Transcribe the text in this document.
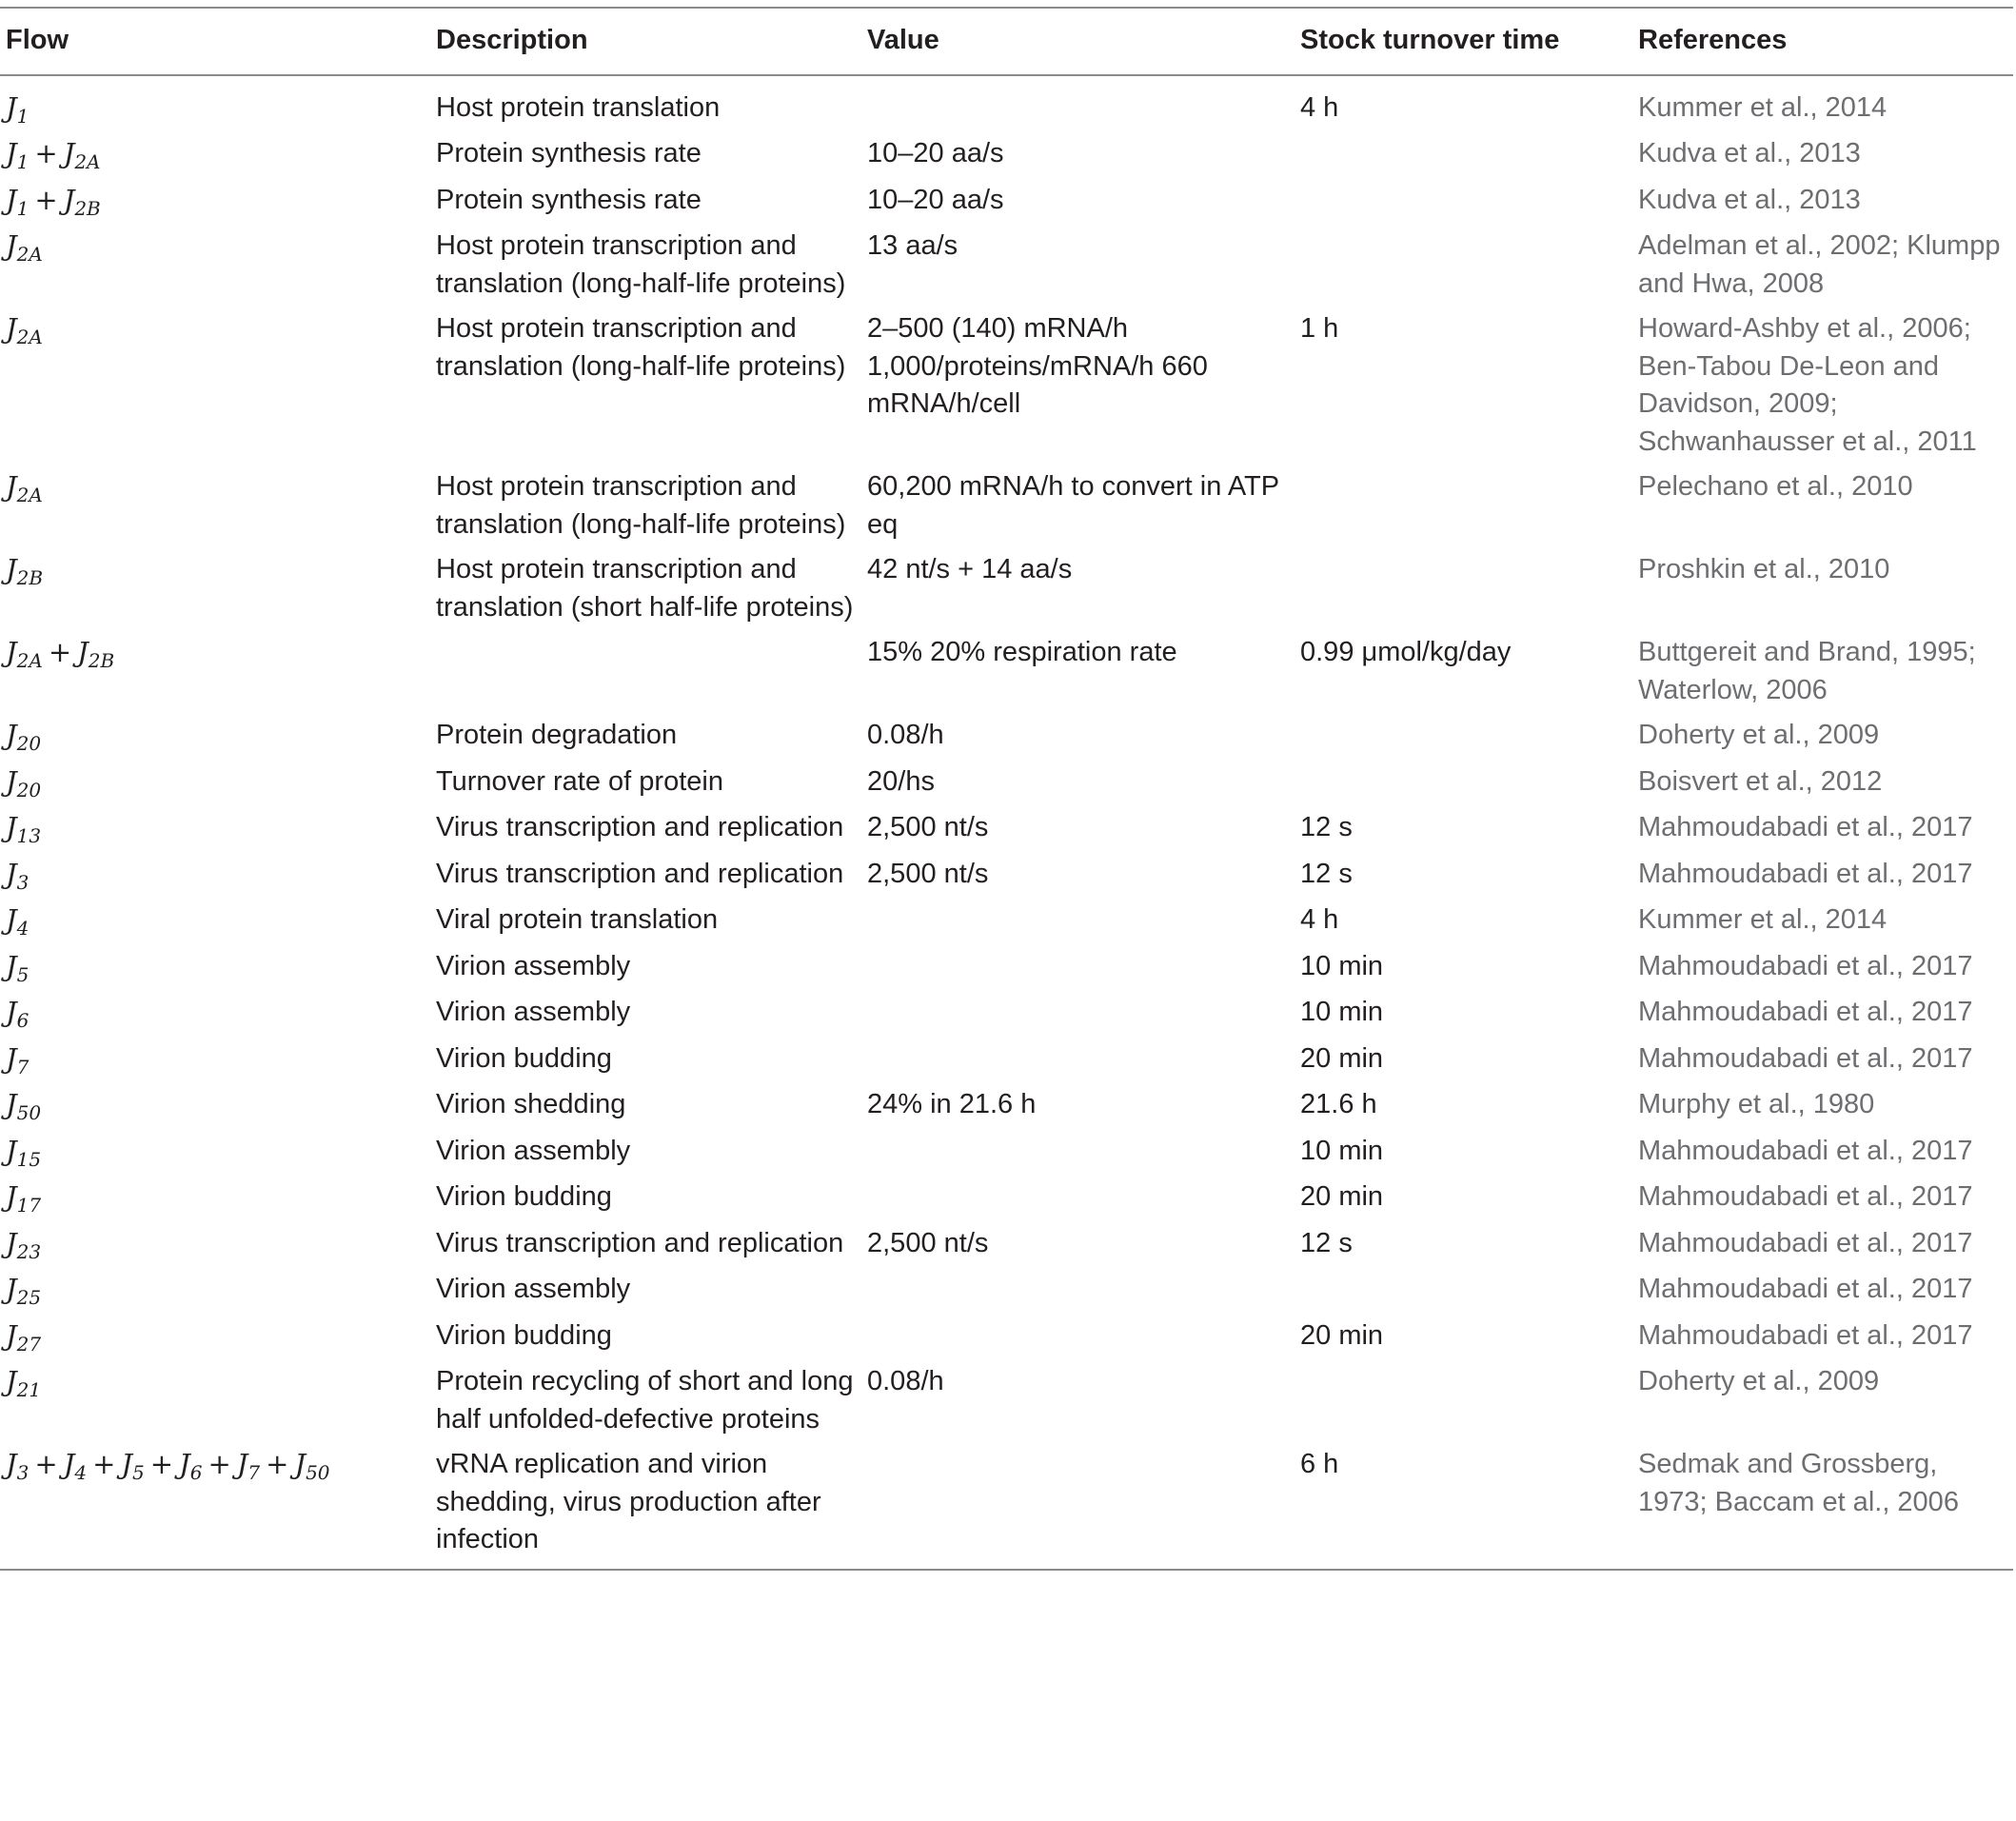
Flow	Description	Value	Stock turnover time	References
$J_1$	Host protein translation		4 h	Kummer et al., 2014
$J_1 + J_{2A}$	Protein synthesis rate	10–20 aa/s		Kudva et al., 2013
$J_1 + J_{2B}$	Protein synthesis rate	10–20 aa/s		Kudva et al., 2013
$J_{2A}$	Host protein transcription and translation (long-half-life proteins)	13 aa/s		Adelman et al., 2002; Klumpp and Hwa, 2008
$J_{2A}$	Host protein transcription and translation (long-half-life proteins)	2–500 (140) mRNA/h 1,000/proteins/mRNA/h 660 mRNA/h/cell	1 h	Howard-Ashby et al., 2006; Ben-Tabou De-Leon and Davidson, 2009; Schwanhausser et al., 2011
$J_{2A}$	Host protein transcription and translation (long-half-life proteins)	60,200 mRNA/h to convert in ATP eq		Pelechano et al., 2010
$J_{2B}$	Host protein transcription and translation (short half-life proteins)	42 nt/s + 14 aa/s		Proshkin et al., 2010
$J_{2A} + J_{2B}$		15% 20% respiration rate	0.99 μmol/kg/day	Buttgereit and Brand, 1995; Waterlow, 2006
$J_{20}$	Protein degradation	0.08/h		Doherty et al., 2009
$J_{20}$	Turnover rate of protein	20/hs		Boisvert et al., 2012
$J_{13}$	Virus transcription and replication	2,500 nt/s	12 s	Mahmoudabadi et al., 2017
$J_3$	Virus transcription and replication	2,500 nt/s	12 s	Mahmoudabadi et al., 2017
$J_4$	Viral protein translation		4 h	Kummer et al., 2014
$J_5$	Virion assembly		10 min	Mahmoudabadi et al., 2017
$J_6$	Virion assembly		10 min	Mahmoudabadi et al., 2017
$J_7$	Virion budding		20 min	Mahmoudabadi et al., 2017
$J_{50}$	Virion shedding	24% in 21.6 h	21.6 h	Murphy et al., 1980
$J_{15}$	Virion assembly		10 min	Mahmoudabadi et al., 2017
$J_{17}$	Virion budding		20 min	Mahmoudabadi et al., 2017
$J_{23}$	Virus transcription and replication	2,500 nt/s	12 s	Mahmoudabadi et al., 2017
$J_{25}$	Virion assembly			Mahmoudabadi et al., 2017
$J_{27}$	Virion budding		20 min	Mahmoudabadi et al., 2017
$J_{21}$	Protein recycling of short and long half unfolded-defective proteins	0.08/h		Doherty et al., 2009
$J_3 + J_4 + J_5 + J_6 + J_7 + J_{50}$	vRNA replication and virion shedding, virus production after infection		6 h	Sedmak and Grossberg, 1973; Baccam et al., 2006
